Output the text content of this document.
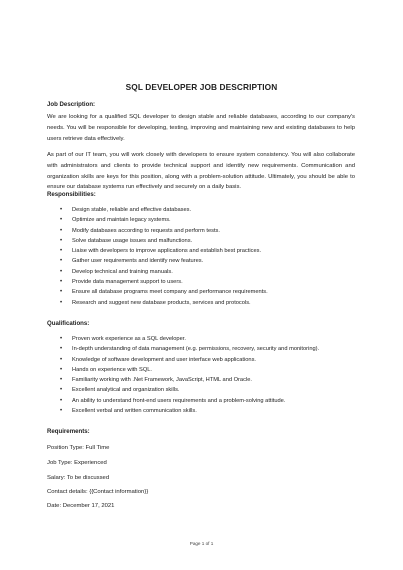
SQL DEVELOPER JOB DESCRIPTION
Job Description:

We are looking for a qualified SQL developer to design stable and reliable databases, according to our company's needs. You will be responsible for developing, testing, improving and maintaining new and existing databases to help users retrieve data effectively.

As part of our IT team, you will work closely with developers to ensure system consistency. You will also collaborate with administrators and clients to provide technical support and identify new requirements. Communication and organization skills are keys for this position, along with a problem-solution attitude. Ultimately, you should be able to ensure our database systems run effectively and securely on a daily basis.

Responsibilities:
• Design stable, reliable and effective databases.
• Optimize and maintain legacy systems.
• Modify databases according to requests and perform tests.
• Solve database usage issues and malfunctions.
• Liaise with developers to improve applications and establish best practices.
• Gather user requirements and identify new features.
• Develop technical and training manuals.
• Provide data management support to users.
• Ensure all database programs meet company and performance requirements.
• Research and suggest new database products, services and protocols.
Qualifications:
• Proven work experience as a SQL developer.
• In-depth understanding of data management (e.g. permissions, recovery, security and monitoring).
• Knowledge of software development and user interface web applications.
• Hands on experience with SQL.
• Familiarity working with .Net Framework, JavaScript, HTML and Oracle.
• Excellent analytical and organization skills.
• An ability to understand front-end users requirements and a problem-solving attitude.
• Excellent verbal and written communication skills.
Requirements:
Position Type: Full Time
Job Type: Experienced
Salary: To be discussed
Contact details: {{Contact information}}
Date: December 17, 2021
Page 1 of 1
